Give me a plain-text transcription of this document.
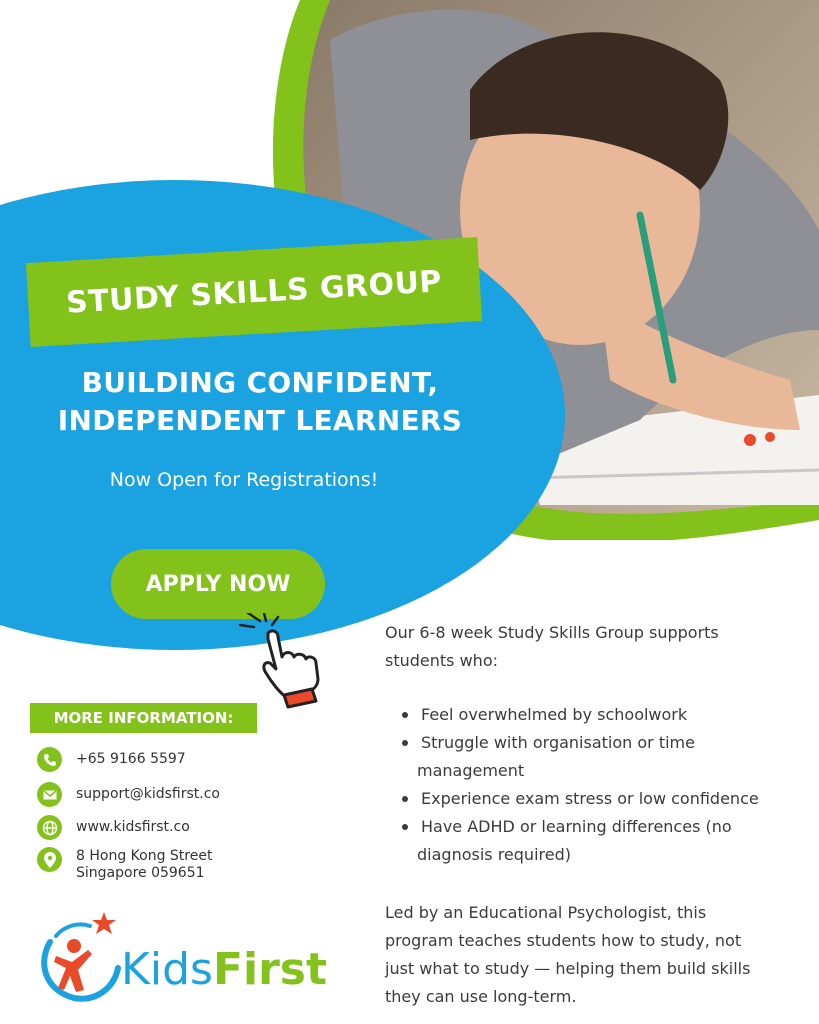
STUDY SKILLS GROUP
BUILDING CONFIDENT,
INDEPENDENT LEARNERS
Now Open for Registrations!
APPLY NOW
MORE INFORMATION:
+65 9166 5597
support@kidsfirst.co
www.kidsfirst.co
8 Hong Kong Street
Singapore 059651
Our 6-8 week Study Skills Group supports
students who:
Feel overwhelmed by schoolwork
Struggle with organisation or time
management
Experience exam stress or low confidence
Have ADHD or learning differences (no
diagnosis required)
Led by an Educational Psychologist, this
program teaches students how to study, not
just what to study — helping them build skills
they can use long-term.
KidsFirst
